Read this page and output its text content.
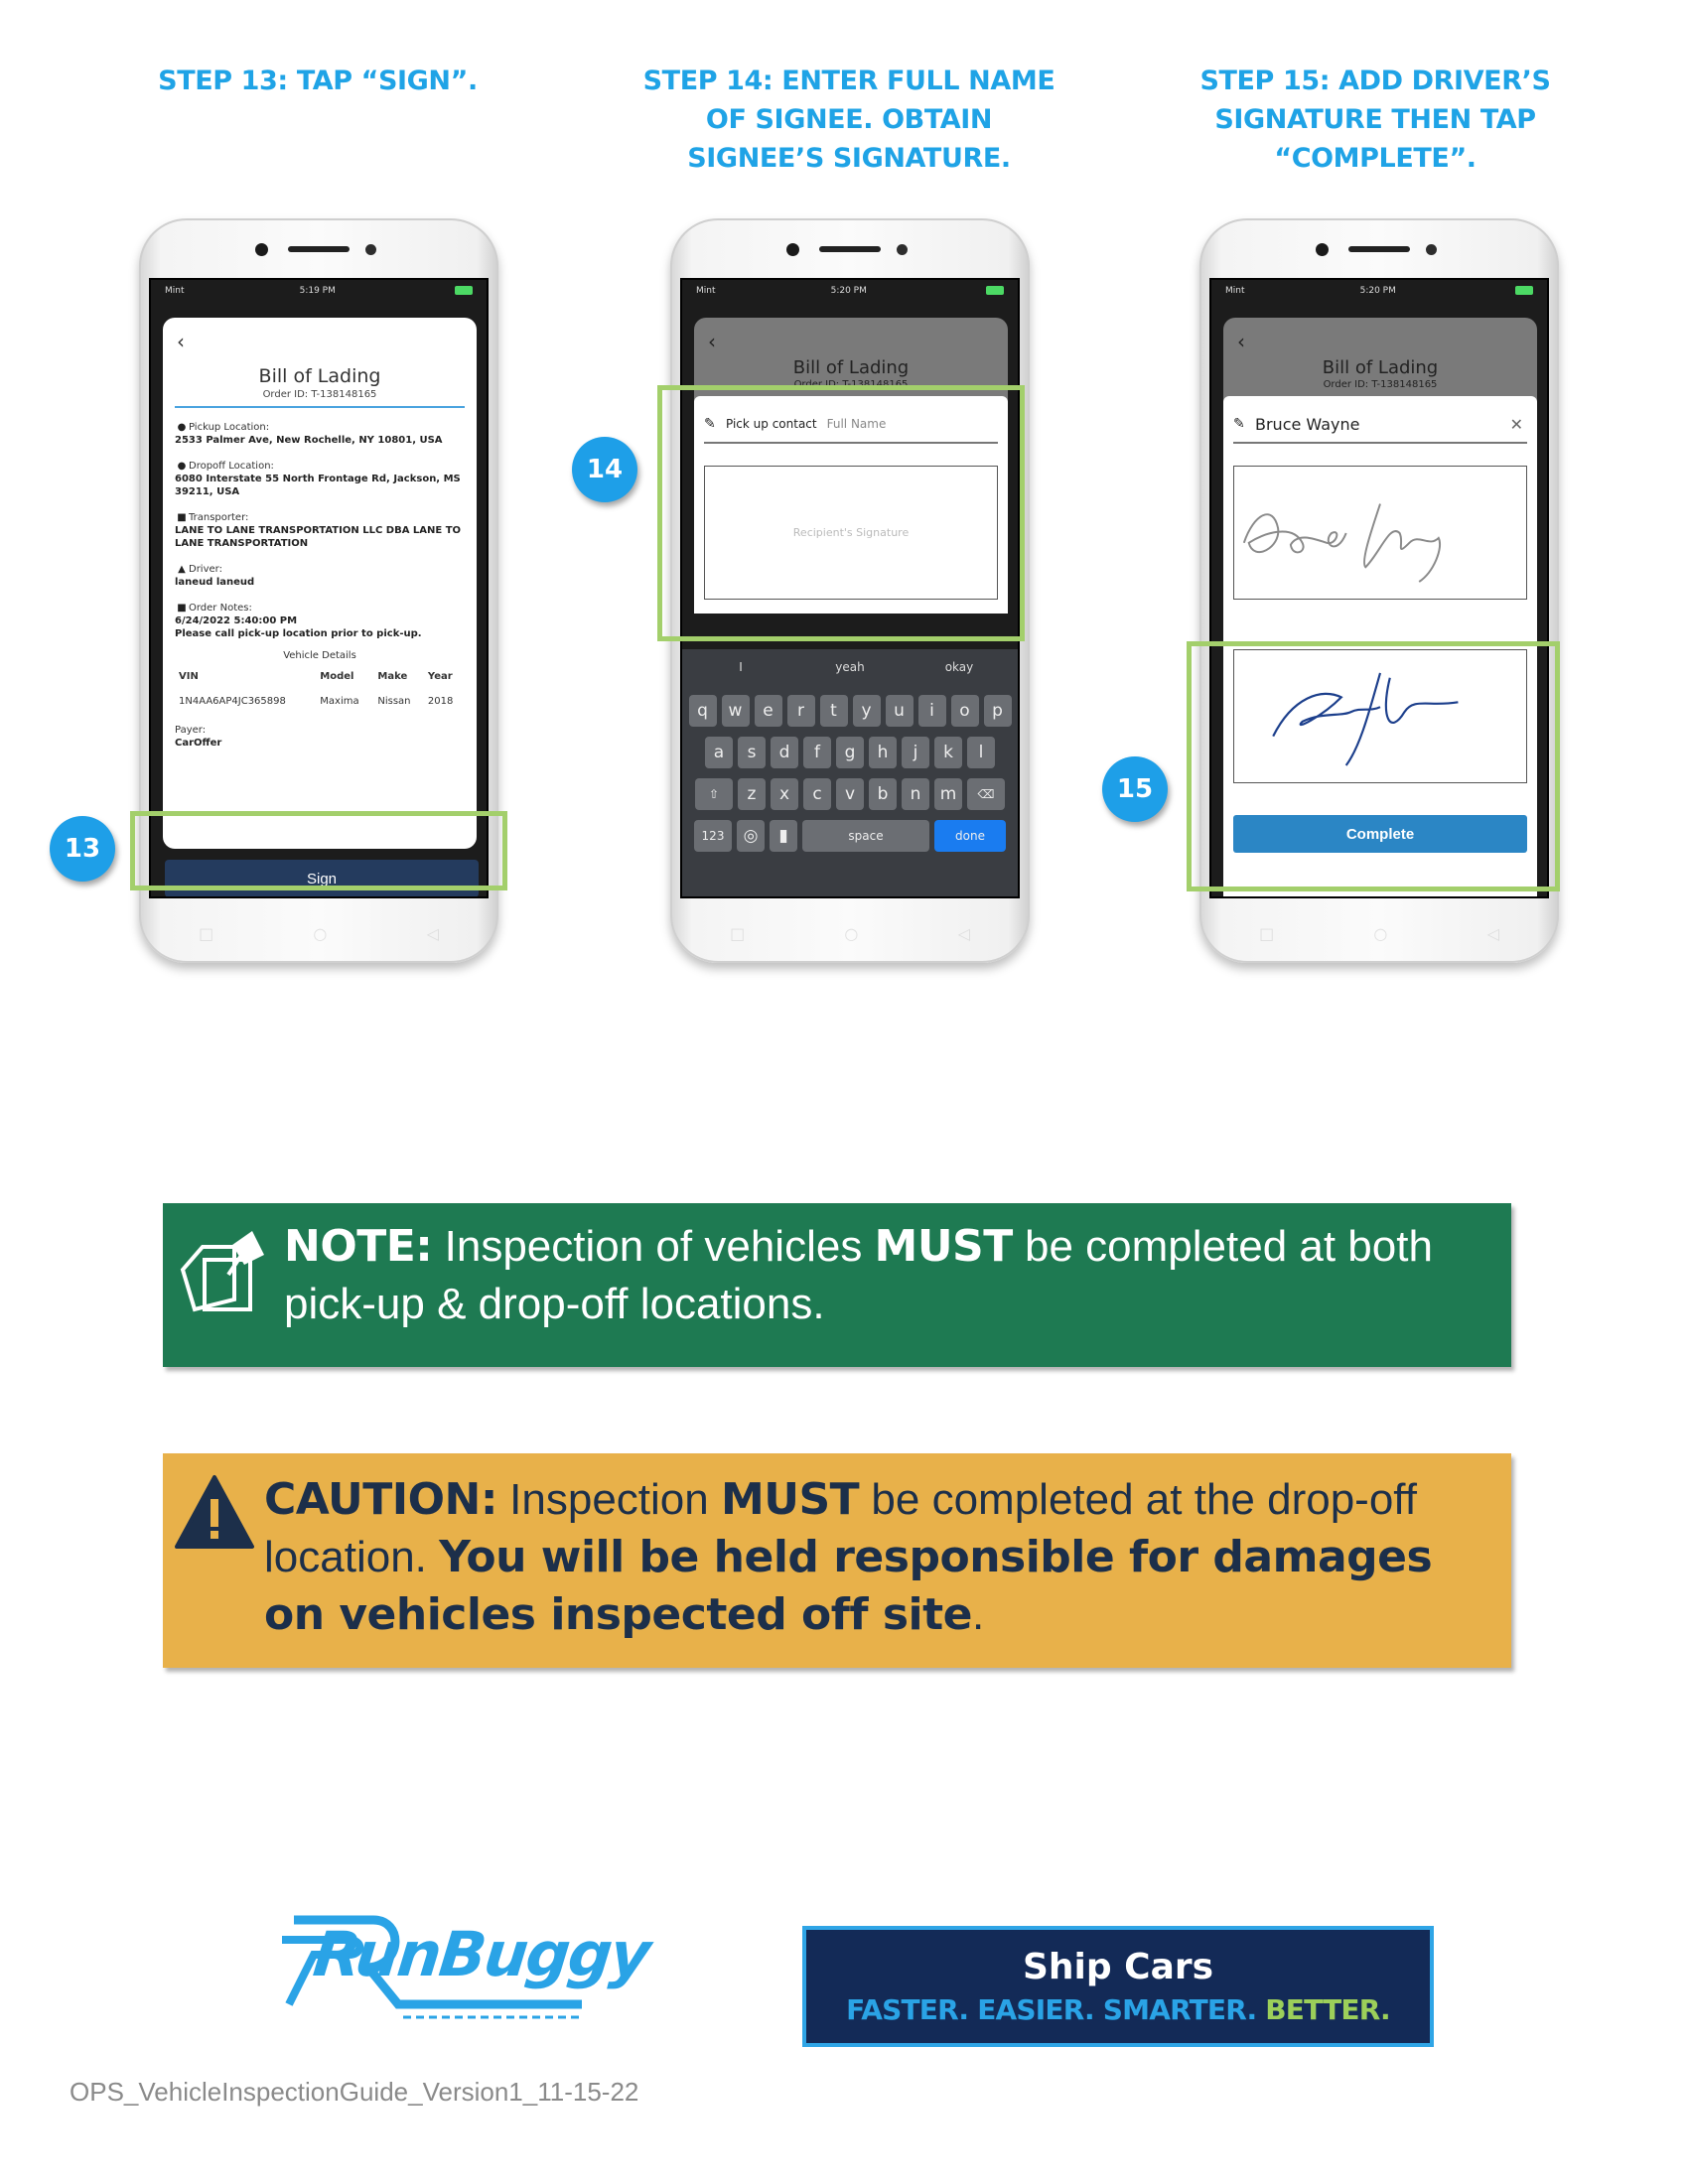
STEP 13: TAP “SIGN”.	STEP 14: ENTER FULL NAME
OF SIGNEE. OBTAIN
SIGNEE’S SIGNATURE.
STEP 15: ADD DRIVER’S
SIGNATURE THEN TAP
“COMPLETE”.
Mint	5:19 PM
‹
Bill of Lading
Order ID: T-138148165
● Pickup Location:
2533 Palmer Ave, New Rochelle, NY 10801, USA
● Dropoff Location:
6080 Interstate 55 North Frontage Rd, Jackson, MS 39211, USA
■ Transporter:
LANE TO LANE TRANSPORTATION LLC DBA LANE TO LANE TRANSPORTATION
▲ Driver:
laneud laneud
■ Order Notes:
6/24/2022 5:40:00 PM
Please call pick-up location prior to pick-up.
Vehicle Details
VIN	Model	Make	Year
1N4AA6AP4JC365898	Maxima	Nissan	2018
Payer:
CarOffer
Sign
□	○	◁
13
Mint	5:20 PM
‹
Bill of Lading
Order ID: T-138148165
✎ Pick up contact Full Name
Recipient's Signature
I	yeah	okay
q	w	e	r	t	y	u	i	o	p
a	s	d	f	g	h	j	k	l
⇧	z	x	c	v	b	n	m	⌫
123	◎	▮	space	done
□	○	◁
14
Mint	5:20 PM
‹
Bill of Lading
Order ID: T-138148165
✎ Bruce Wayne	✕
Complete
□	○	◁
15
NOTE: Inspection of vehicles MUST be completed at both pick-up & drop-off locations.
CAUTION: Inspection MUST be completed at the drop-off location. You will be held responsible for damages on vehicles inspected off site.
RunBuggy	Ship Cars
FASTER. EASIER. SMARTER. BETTER.
OPS_VehicleInspectionGuide_Version1_11-15-22
